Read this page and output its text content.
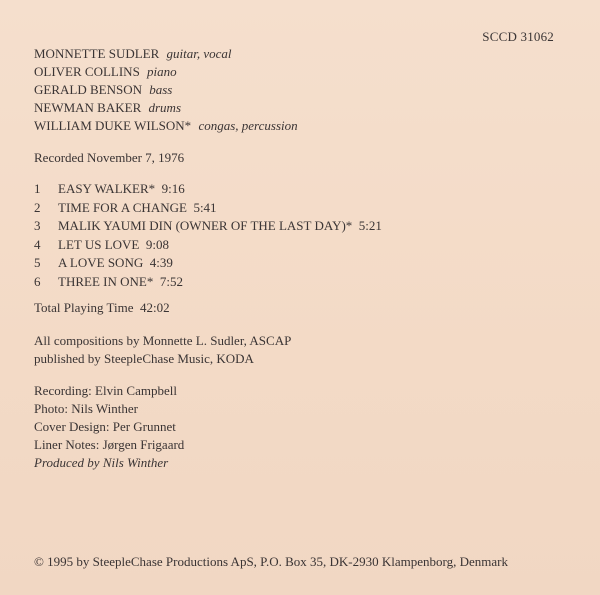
SCCD 31062
MONNETTE SUDLER guitar, vocal
OLIVER COLLINS piano
GERALD BENSON bass
NEWMAN BAKER drums
WILLIAM DUKE WILSON* congas, percussion
Recorded November 7, 1976
1 EASY WALKER* 9:16
2 TIME FOR A CHANGE 5:41
3 MALIK YAUMI DIN (OWNER OF THE LAST DAY)* 5:21
4 LET US LOVE 9:08
5 A LOVE SONG 4:39
6 THREE IN ONE* 7:52
Total Playing Time  42:02
All compositions by Monnette L. Sudler, ASCAP
published by SteepleChase Music, KODA
Recording: Elvin Campbell
Photo: Nils Winther
Cover Design: Per Grunnet
Liner Notes: Jørgen Frigaard
Produced by Nils Winther
© 1995 by SteepleChase Productions ApS, P.O. Box 35, DK-2930 Klampenborg, Denmark
